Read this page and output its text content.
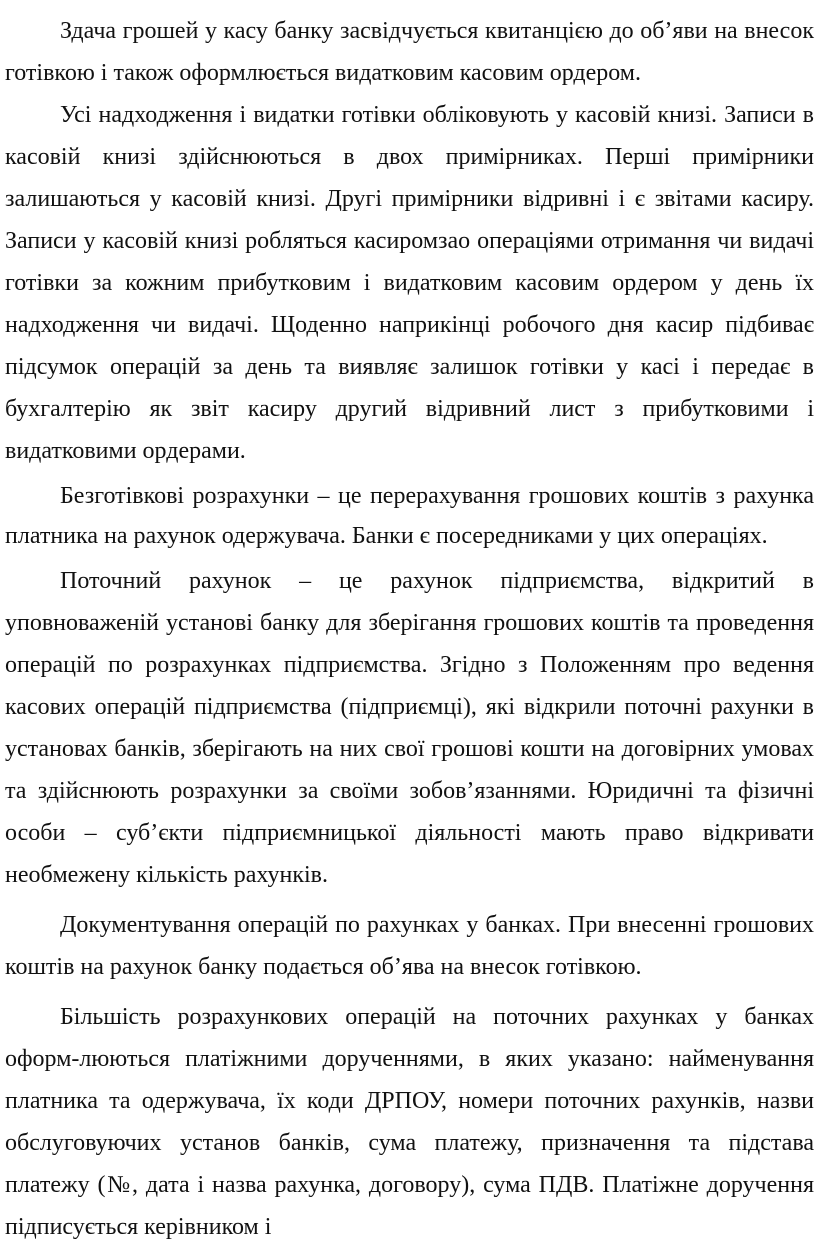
Здача грошей у касу банку засвідчується квитанцією до об’яви на внесок готівкою і також оформлюється видатковим касовим ордером.

Усі надходження і видатки готівки обліковують у касовій книзі. Записи в касовій книзі здійснюються в двох примірниках. Перші примірники залишаються у касовій книзі. Другі примірники відривні і є звітами касиру. Записи у касовій книзі робляться касиромзао операціями отримання чи видачі готівки за кожним прибутковим і видатковим касовим ордером у день їх надходження чи видачі. Щоденно наприкінці робочого дня касир підбиває підсумок операцій за день та виявляє залишок готівки у касі і передає в бухгалтерію як звіт касиру другий відривний лист з прибутковими і видатковими ордерами.

Безготівкові розрахунки – це перерахування грошових коштів з рахунка платника на рахунок одержувача. Банки є посередниками у цих операціях.

Поточний рахунок – це рахунок підприємства, відкритий в уповноваженій установі банку для зберігання грошових коштів та проведення операцій по розрахунках підприємства. Згідно з Положенням про ведення касових операцій підприємства (підприємці), які відкрили поточні рахунки в установах банків, зберігають на них свої грошові кошти на договірних умовах та здійснюють розрахунки за своїми зобов’язаннями. Юридичні та фізичні особи – суб’єкти підприємницької діяльності мають право відкривати необмежену кількість рахунків.

Документування операцій по рахунках у банках. При внесенні грошових коштів на рахунок банку подається об’ява на внесок готівкою.

Більшість розрахункових операцій на поточних рахунках у банках оформ-люються платіжними дорученнями, в яких указано: найменування платника та одержувача, їх коди ДРПОУ, номери поточних рахунків, назви обслуговуючих установ банків, сума платежу, призначення та підстава платежу (№, дата і назва рахунка, договору), сума ПДВ. Платіжне доручення підписується керівником і
